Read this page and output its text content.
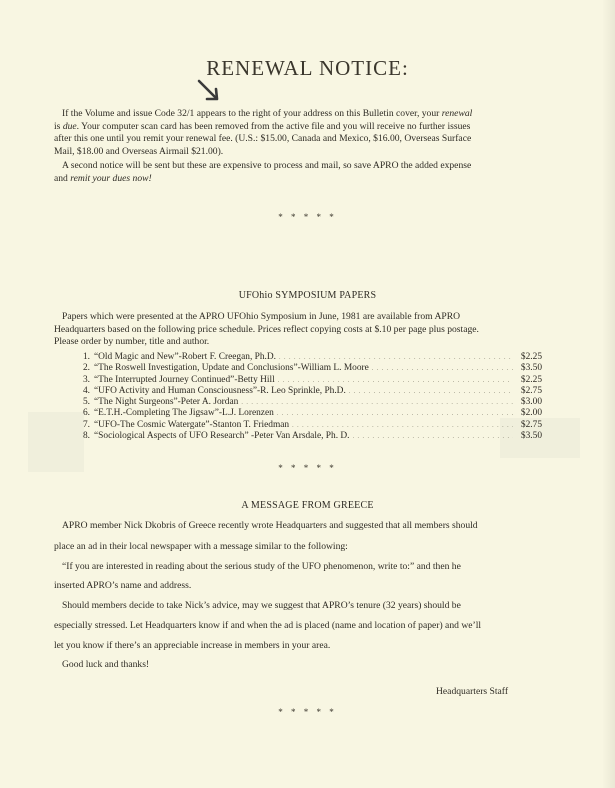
​
RENEWAL NOTICE:
If the Volume and issue Code 32/1 appears to the right of your address on this Bulletin cover, your renewal
is due. Your computer scan card has been removed from the active file and you will receive no further issues
after this one until you remit your renewal fee. (U.S.: $15.00, Canada and Mexico, $16.00, Overseas Surface
Mail, $18.00 and Overseas Airmail $21.00).
A second notice will be sent but these are expensive to process and mail, so save APRO the added expense
and remit your dues now!
* * * * *
UFOhio SYMPOSIUM PAPERS
Papers which were presented at the APRO UFOhio Symposium in June, 1981 are available from APRO
Headquarters based on the following price schedule. Prices reflect copying costs at $.10 per page plus postage.
Please order by number, title and author.
1. “Old Magic and New”-Robert F. Creegan, Ph.D. . . .	$2.25
2. “The Roswell Investigation, Update and Conclusions”-William L. Moore . . .	$3.50
3. “The Interrupted Journey Continued”-Betty Hill . . .	$2.25
4. “UFO Activity and Human Consciousness”-R. Leo Sprinkle, Ph.D. . . .	$2.75
5. “The Night Surgeons”-Peter A. Jordan . . .	$3.00
6. “E.T.H.-Completing The Jigsaw”-L.J. Lorenzen . . .	$2.00
7. “UFO-The Cosmic Watergate”-Stanton T. Friedman . . .	$2.75
8. “Sociological Aspects of UFO Research” -Peter Van Arsdale, Ph. D. . . .	$3.50
* * * * *
A MESSAGE FROM GREECE
APRO member Nick Dkobris of Greece recently wrote Headquarters and suggested that all members should
place an ad in their local newspaper with a message similar to the following:
“If you are interested in reading about the serious study of the UFO phenomenon, write to:” and then he
inserted APRO’s name and address.
Should members decide to take Nick’s advice, may we suggest that APRO’s tenure (32 years) should be
especially stressed. Let Headquarters know if and when the ad is placed (name and location of paper) and we’ll
let you know if there’s an appreciable increase in members in your area.
Good luck and thanks!
Headquarters Staff
* * * * *
